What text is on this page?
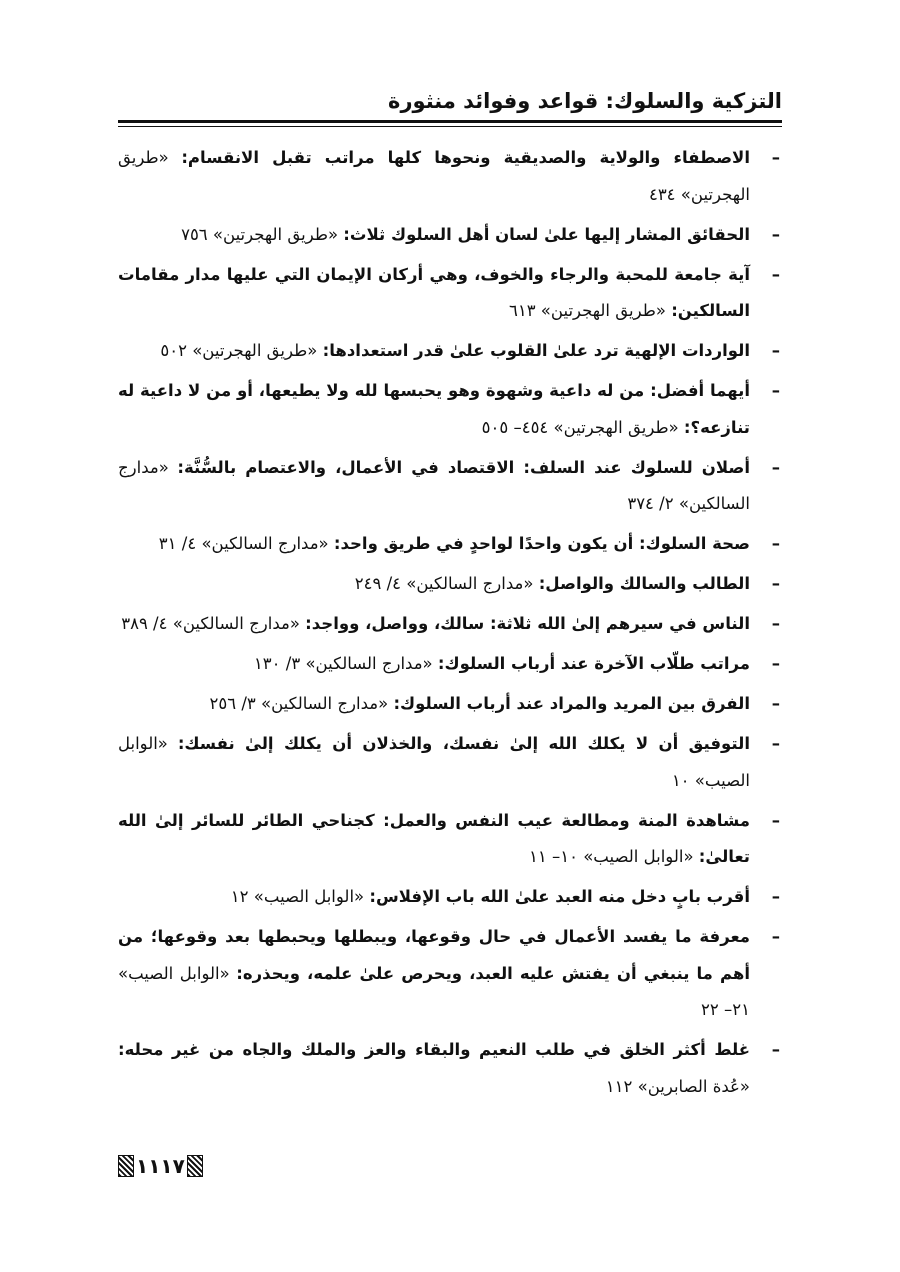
التزكية والسلوك: قواعد وفوائد منثورة
–
الاصطفاء والولاية والصديقية ونحوها كلها مراتب تقبل الانقسام: «طريق الهجرتين» ٤٣٤
–
الحقائق المشار إليها علىٰ لسان أهل السلوك ثلاث: «طريق الهجرتين» ٧٥٦
–
آية جامعة للمحبة والرجاء والخوف، وهي أركان الإيمان التي عليها مدار مقامات السالكين: «طريق الهجرتين» ٦١٣
–
الواردات الإلهية ترد علىٰ القلوب علىٰ قدر استعدادها: «طريق الهجرتين» ٥٠٢
–
أيهما أفضل: من له داعية وشهوة وهو يحبسها لله ولا يطيعها، أو من لا داعية له تنازعه؟: «طريق الهجرتين» ٤٥٤– ٥٠٥
–
أصلان للسلوك عند السلف: الاقتصاد في الأعمال، والاعتصام بالسُّنَّة: «مدارج السالكين» ٢/ ٣٧٤
–
صحة السلوك: أن يكون واحدًا لواحدٍ في طريق واحد: «مدارج السالكين» ٤/ ٣١
–
الطالب والسالك والواصل: «مدارج السالكين» ٤/ ٢٤٩
–
الناس في سيرهم إلىٰ الله ثلاثة: سالك، وواصل، وواجد: «مدارج السالكين» ٤/ ٣٨٩
–
مراتب طلّاب الآخرة عند أرباب السلوك: «مدارج السالكين» ٣/ ١٣٠
–
الفرق بين المريد والمراد عند أرباب السلوك: «مدارج السالكين» ٣/ ٢٥٦
–
التوفيق أن لا يكلك الله إلىٰ نفسك، والخذلان أن يكلك إلىٰ نفسك: «الوابل الصيب» ١٠
–
مشاهدة المنة ومطالعة عيب النفس والعمل: كجناحي الطائر للسائر إلىٰ الله تعالىٰ: «الوابل الصيب» ١٠– ١١
–
أقرب بابٍ دخل منه العبد علىٰ الله باب الإفلاس: «الوابل الصيب» ١٢
–
معرفة ما يفسد الأعمال في حال وقوعها، ويبطلها ويحبطها بعد وقوعها؛ من أهم ما ينبغي أن يفتش عليه العبد، ويحرص علىٰ علمه، ويحذره: «الوابل الصيب» ٢١– ٢٢
–
غلط أكثر الخلق في طلب النعيم والبقاء والعز والملك والجاه من غير محله: «عُدة الصابرين» ١١٢
١١١٧
